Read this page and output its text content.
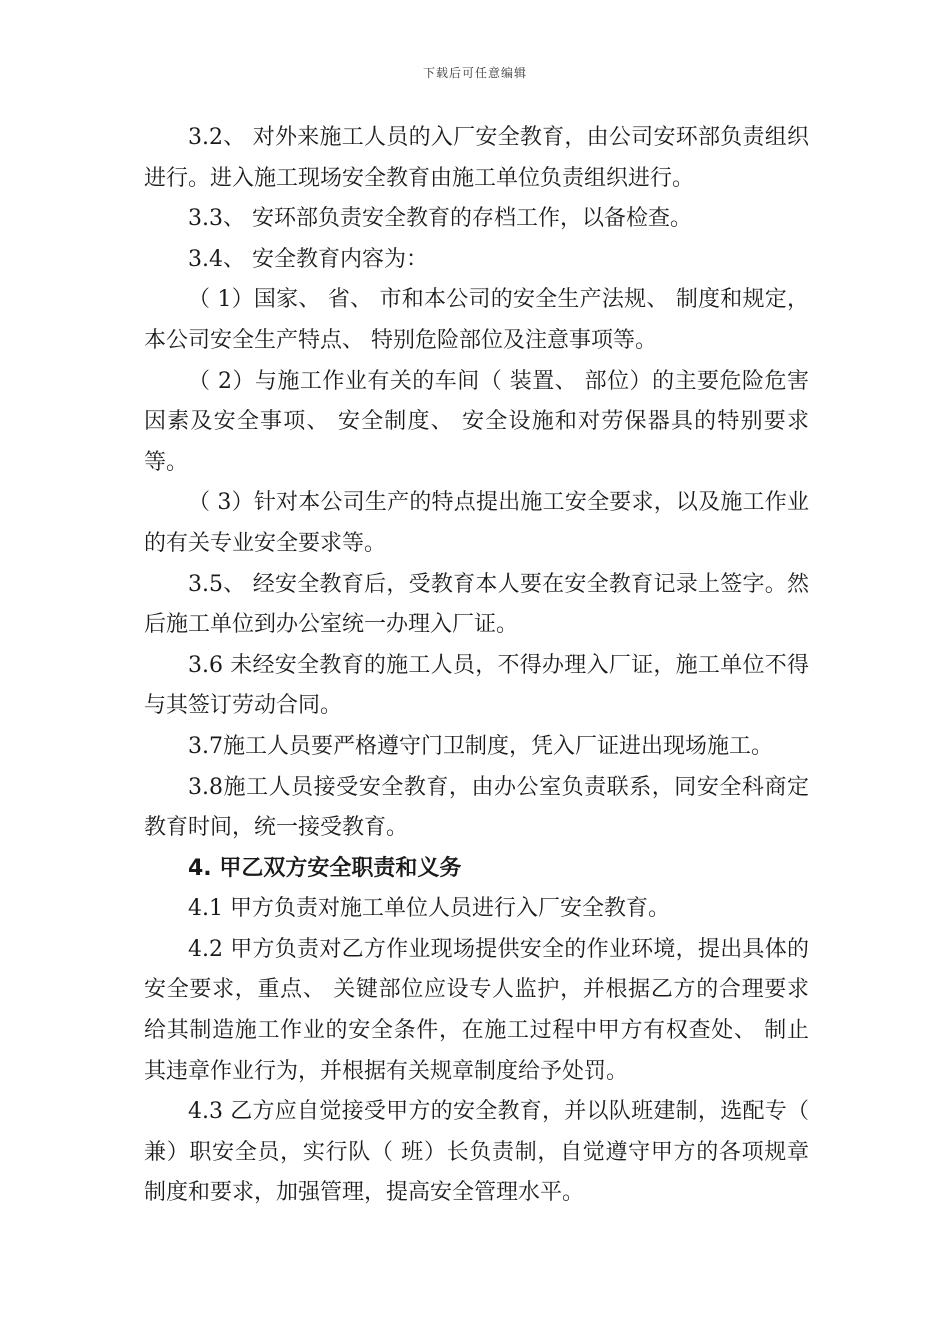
下载后可任意编辑

3.2、 对外来施工人员的入厂安全教育，由公司安环部负责组织进行。进入施工现场安全教育由施工单位负责组织进行。

3.3、 安环部负责安全教育的存档工作，以备检查。

3.4、 安全教育内容为：

（ 1）国家、 省、 市和本公司的安全生产法规、 制度和规定，本公司安全生产特点、 特别危险部位及注意事项等。

（ 2）与施工作业有关的车间（ 装置、 部位）的主要危险危害因素及安全事项、 安全制度、 安全设施和对劳保器具的特别要求等。

（ 3）针对本公司生产的特点提出施工安全要求，以及施工作业的有关专业安全要求等。

3.5、 经安全教育后，受教育本人要在安全教育记录上签字。然后施工单位到办公室统一办理入厂证。

3.6 未经安全教育的施工人员，不得办理入厂证，施工单位不得与其签订劳动合同。

3.7施工人员要严格遵守门卫制度，凭入厂证进出现场施工。

3.8施工人员接受安全教育，由办公室负责联系，同安全科商定教育时间，统一接受教育。

4. 甲乙双方安全职责和义务

4.1 甲方负责对施工单位人员进行入厂安全教育。

4.2 甲方负责对乙方作业现场提供安全的作业环境，提出具体的安全要求，重点、 关键部位应设专人监护，并根据乙方的合理要求给其制造施工作业的安全条件，在施工过程中甲方有权查处、 制止其违章作业行为，并根据有关规章制度给予处罚。

4.3 乙方应自觉接受甲方的安全教育，并以队班建制，选配专（ 兼）职安全员，实行队（ 班）长负责制，自觉遵守甲方的各项规章制度和要求，加强管理，提高安全管理水平。
